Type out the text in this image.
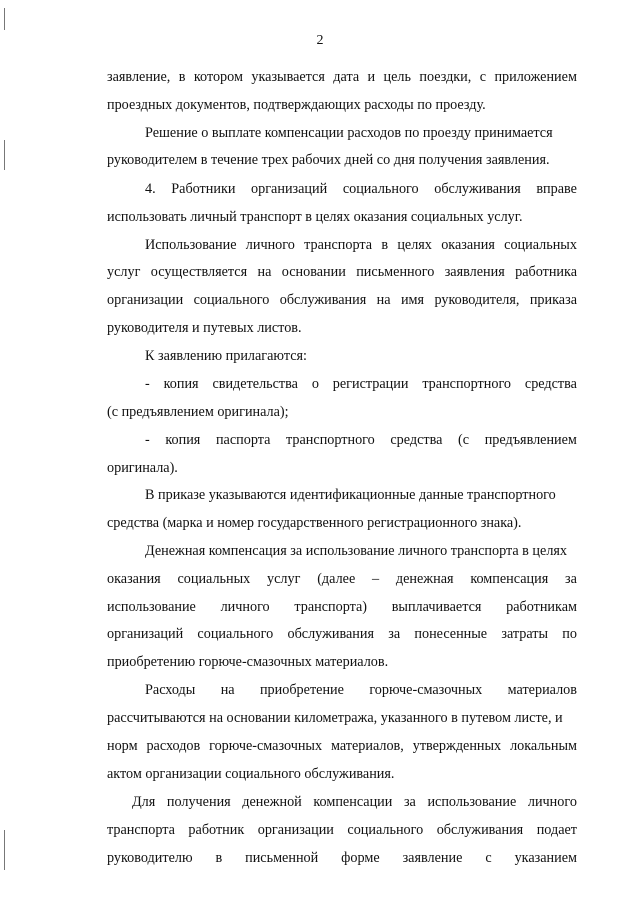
2
заявление, в котором указывается дата и цель поездки, с приложением
проездных документов, подтверждающих расходы по проезду.
Решение о выплате компенсации расходов по проезду принимается
руководителем в течение трех рабочих дней со дня получения заявления.
4. Работники организаций социального обслуживания вправе
использовать личный транспорт в целях оказания социальных услуг.
Использование личного транспорта в целях оказания социальных
услуг осуществляется на основании письменного заявления работника
организации социального обслуживания на имя руководителя, приказа
руководителя и путевых листов.
К заявлению прилагаются:
- копия свидетельства о регистрации транспортного средства
(с предъявлением оригинала);
- копия паспорта транспортного средства (с предъявлением
оригинала).
В приказе указываются идентификационные данные транспортного
средства (марка и номер государственного регистрационного знака).
Денежная компенсация за использование личного транспорта в целях
оказания социальных услуг (далее – денежная компенсация за
использование личного транспорта) выплачивается работникам
организаций социального обслуживания за понесенные затраты по
приобретению горюче-смазочных материалов.
Расходы на приобретение горюче-смазочных материалов
рассчитываются на основании километража, указанного в путевом листе, и
норм расходов горюче-смазочных материалов, утвержденных локальным
актом организации социального обслуживания.
Для получения денежной компенсации за использование личного
транспорта работник организации социального обслуживания подает
руководителю в письменной форме заявление с указанием
